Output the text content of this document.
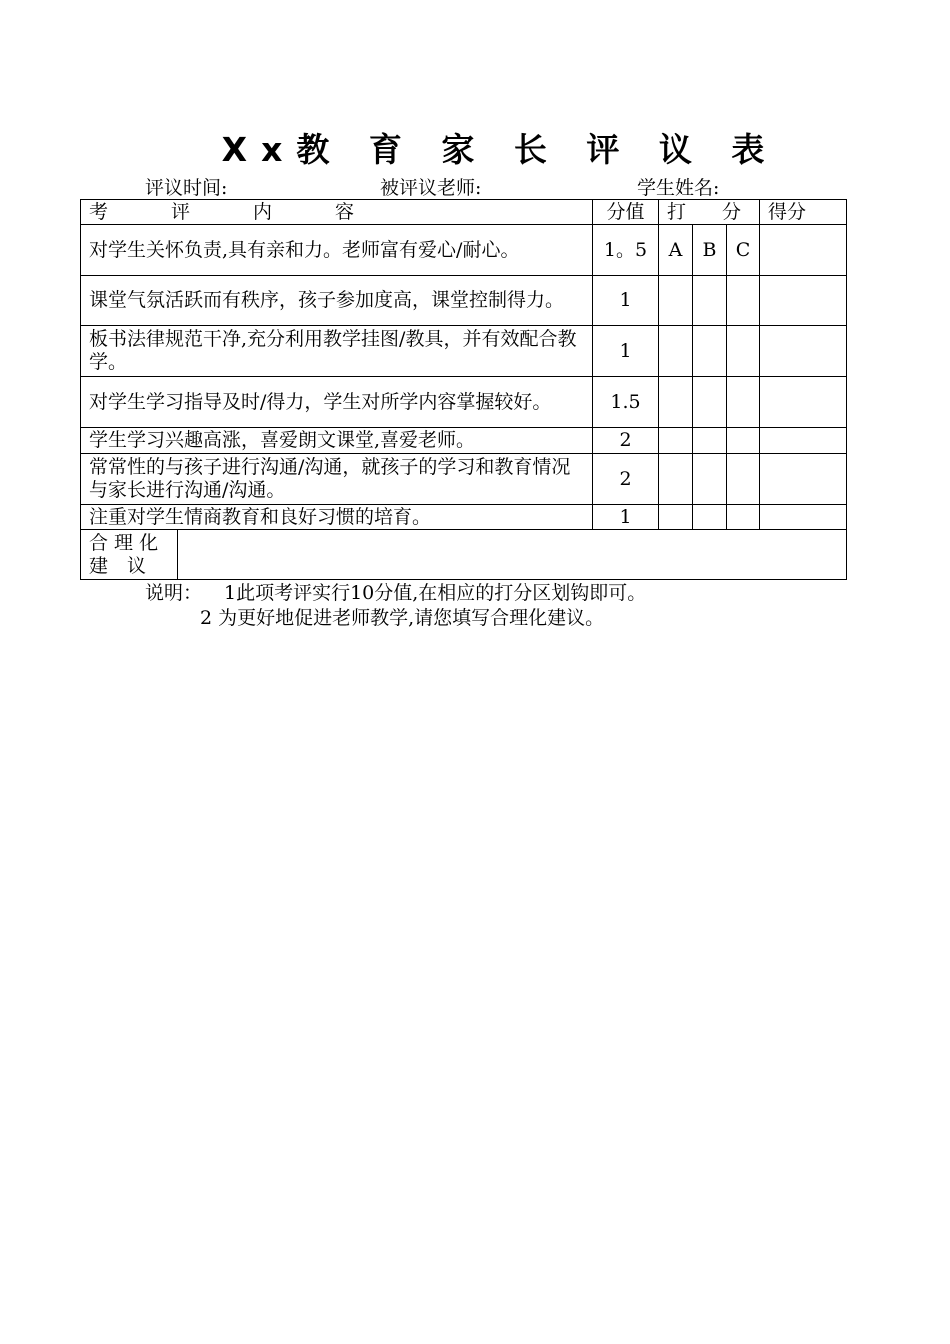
Xx教 育 家 长 评 议 表
评议时间:	被评议老师:	学生姓名:
考 评 内 容		分值	打 分			得分
对学生关怀负责,具有亲和力。老师富有爱心/耐心。		1。5	A	B	C	
课堂气氛活跃而有秩序，孩子参加度高，课堂控制得力。		1				
板书法律规范干净,充分利用教学挂图/教具，并有效配合教学。		1				
对学生学习指导及时/得力，学生对所学内容掌握较好。		1.5				
学生学习兴趣高涨，喜爱朗文课堂,喜爱老师。		2				
常常性的与孩子进行沟通/沟通，就孩子的学习和教育情况与家长进行沟通/沟通。		2				
注重对学生情商教育和良好习惯的培育。		1				

合 理 化
建　议						

说明： 1此项考评实行10分值,在相应的打分区划钩即可。
2 为更好地促进老师教学,请您填写合理化建议。
